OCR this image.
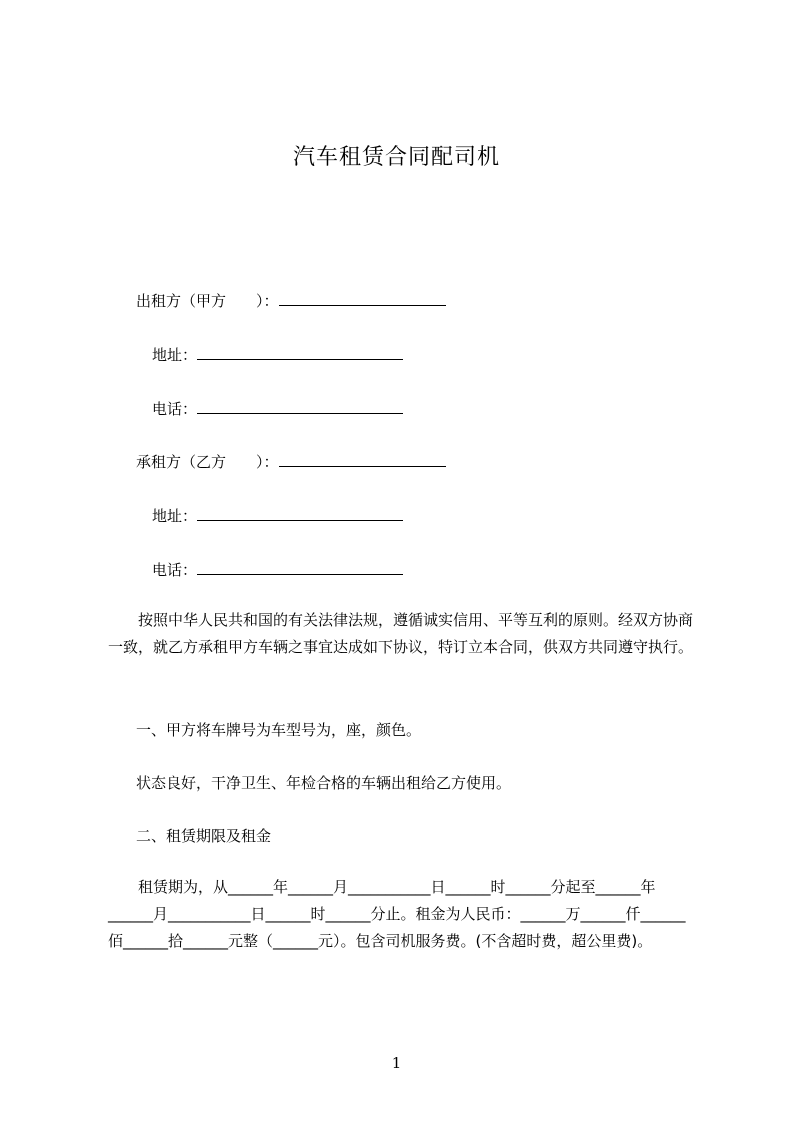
汽车租赁合同配司机
出租方（甲方　　）：
地址：
电话：
承租方（乙方　　）：
地址：
电话：
按照中华人民共和国的有关法律法规，遵循诚实信用、平等互利的原则。经双方协商一致，就乙方承租甲方车辆之事宜达成如下协议，特订立本合同，供双方共同遵守执行。
一、甲方将车牌号为车型号为，座，颜色。
状态良好，干净卫生、年检合格的车辆出租给乙方使用。
二、租赁期限及租金
租赁期为，从______年______月___________日______时______分起至______年______月___________日______时______分止。租金为人民币：______万______仟______佰______拾______元整（______元）。包含司机服务费。(不含超时费，超公里费)。
1
